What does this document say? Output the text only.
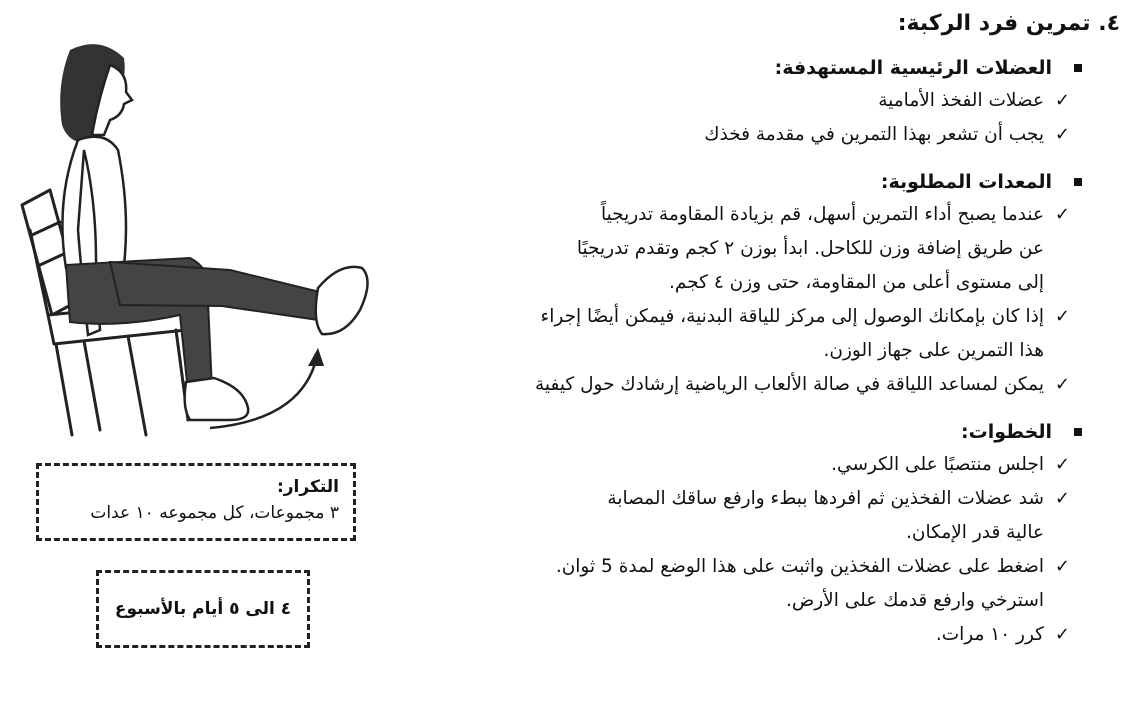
٤. تمرين فرد الركبة:
العضلات الرئيسية المستهدفة:
✓
عضلات الفخذ الأمامية
✓
يجب أن تشعر بهذا التمرين في مقدمة فخذك
المعدات المطلوبة:
✓
عندما يصبح أداء التمرين أسهل، قم بزيادة المقاومة تدريجياً
عن طريق إضافة وزن للكاحل. ابدأ بوزن ٢ كجم وتقدم تدريجيًا
إلى مستوى أعلى من المقاومة، حتى وزن ٤ كجم.
✓
إذا كان بإمكانك الوصول إلى مركز للياقة البدنية، فيمكن أيضًا إجراء
هذا التمرين على جهاز الوزن.
✓
يمكن لمساعد اللياقة في صالة الألعاب الرياضية إرشادك حول كيفية
الخطوات:
✓
اجلس منتصبًا على الكرسي.
✓
شد عضلات الفخذين ثم افردها ببطء وارفع ساقك المصابة
عالية قدر الإمكان.
✓
اضغط على عضلات الفخذين واثبت على هذا الوضع لمدة 5 ثوان.
استرخي وارفع قدمك على الأرض.
✓
كرر ١٠ مرات.
التكرار:
٣ مجموعات، كل مجموعه ١٠ عدات
٤ الى ٥ أيام بالأسبوع
